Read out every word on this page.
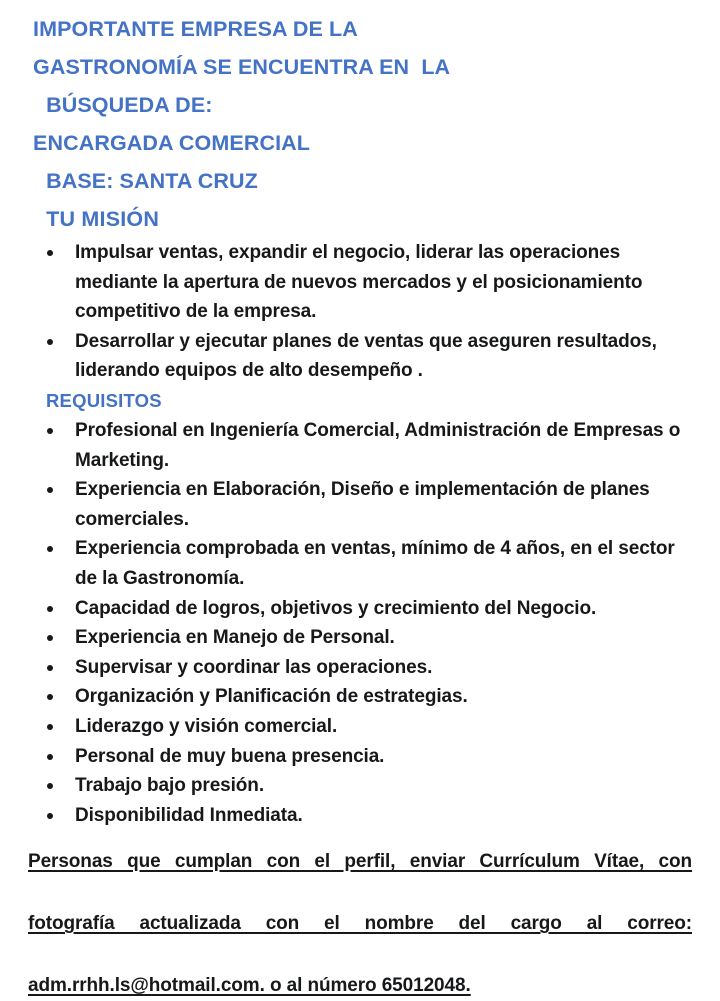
IMPORTANTE EMPRESA DE LA
GASTRONOMÍA SE ENCUENTRA EN  LA
BÚSQUEDA DE:
ENCARGADA COMERCIAL
BASE: SANTA CRUZ
TU MISIÓN
Impulsar ventas, expandir el negocio, liderar las operaciones mediante la apertura de nuevos mercados y el posicionamiento competitivo de la empresa.
Desarrollar y ejecutar planes de ventas que aseguren resultados, liderando equipos de alto desempeño .
REQUISITOS
Profesional en Ingeniería Comercial, Administración de Empresas o Marketing.
Experiencia en Elaboración, Diseño e implementación de planes comerciales.
Experiencia comprobada en ventas, mínimo de 4 años, en el sector de la Gastronomía.
Capacidad de logros, objetivos y crecimiento del Negocio.
Experiencia en Manejo de Personal.
Supervisar y coordinar las operaciones.
Organización y Planificación de estrategias.
Liderazgo y visión comercial.
Personal de muy buena presencia.
Trabajo bajo presión.
Disponibilidad Inmediata.
Personas que cumplan con el perfil, enviar Currículum Vítae, con
fotografía actualizada con el nombre del cargo al correo:
adm.rrhh.ls@hotmail.com. o al número 65012048.
